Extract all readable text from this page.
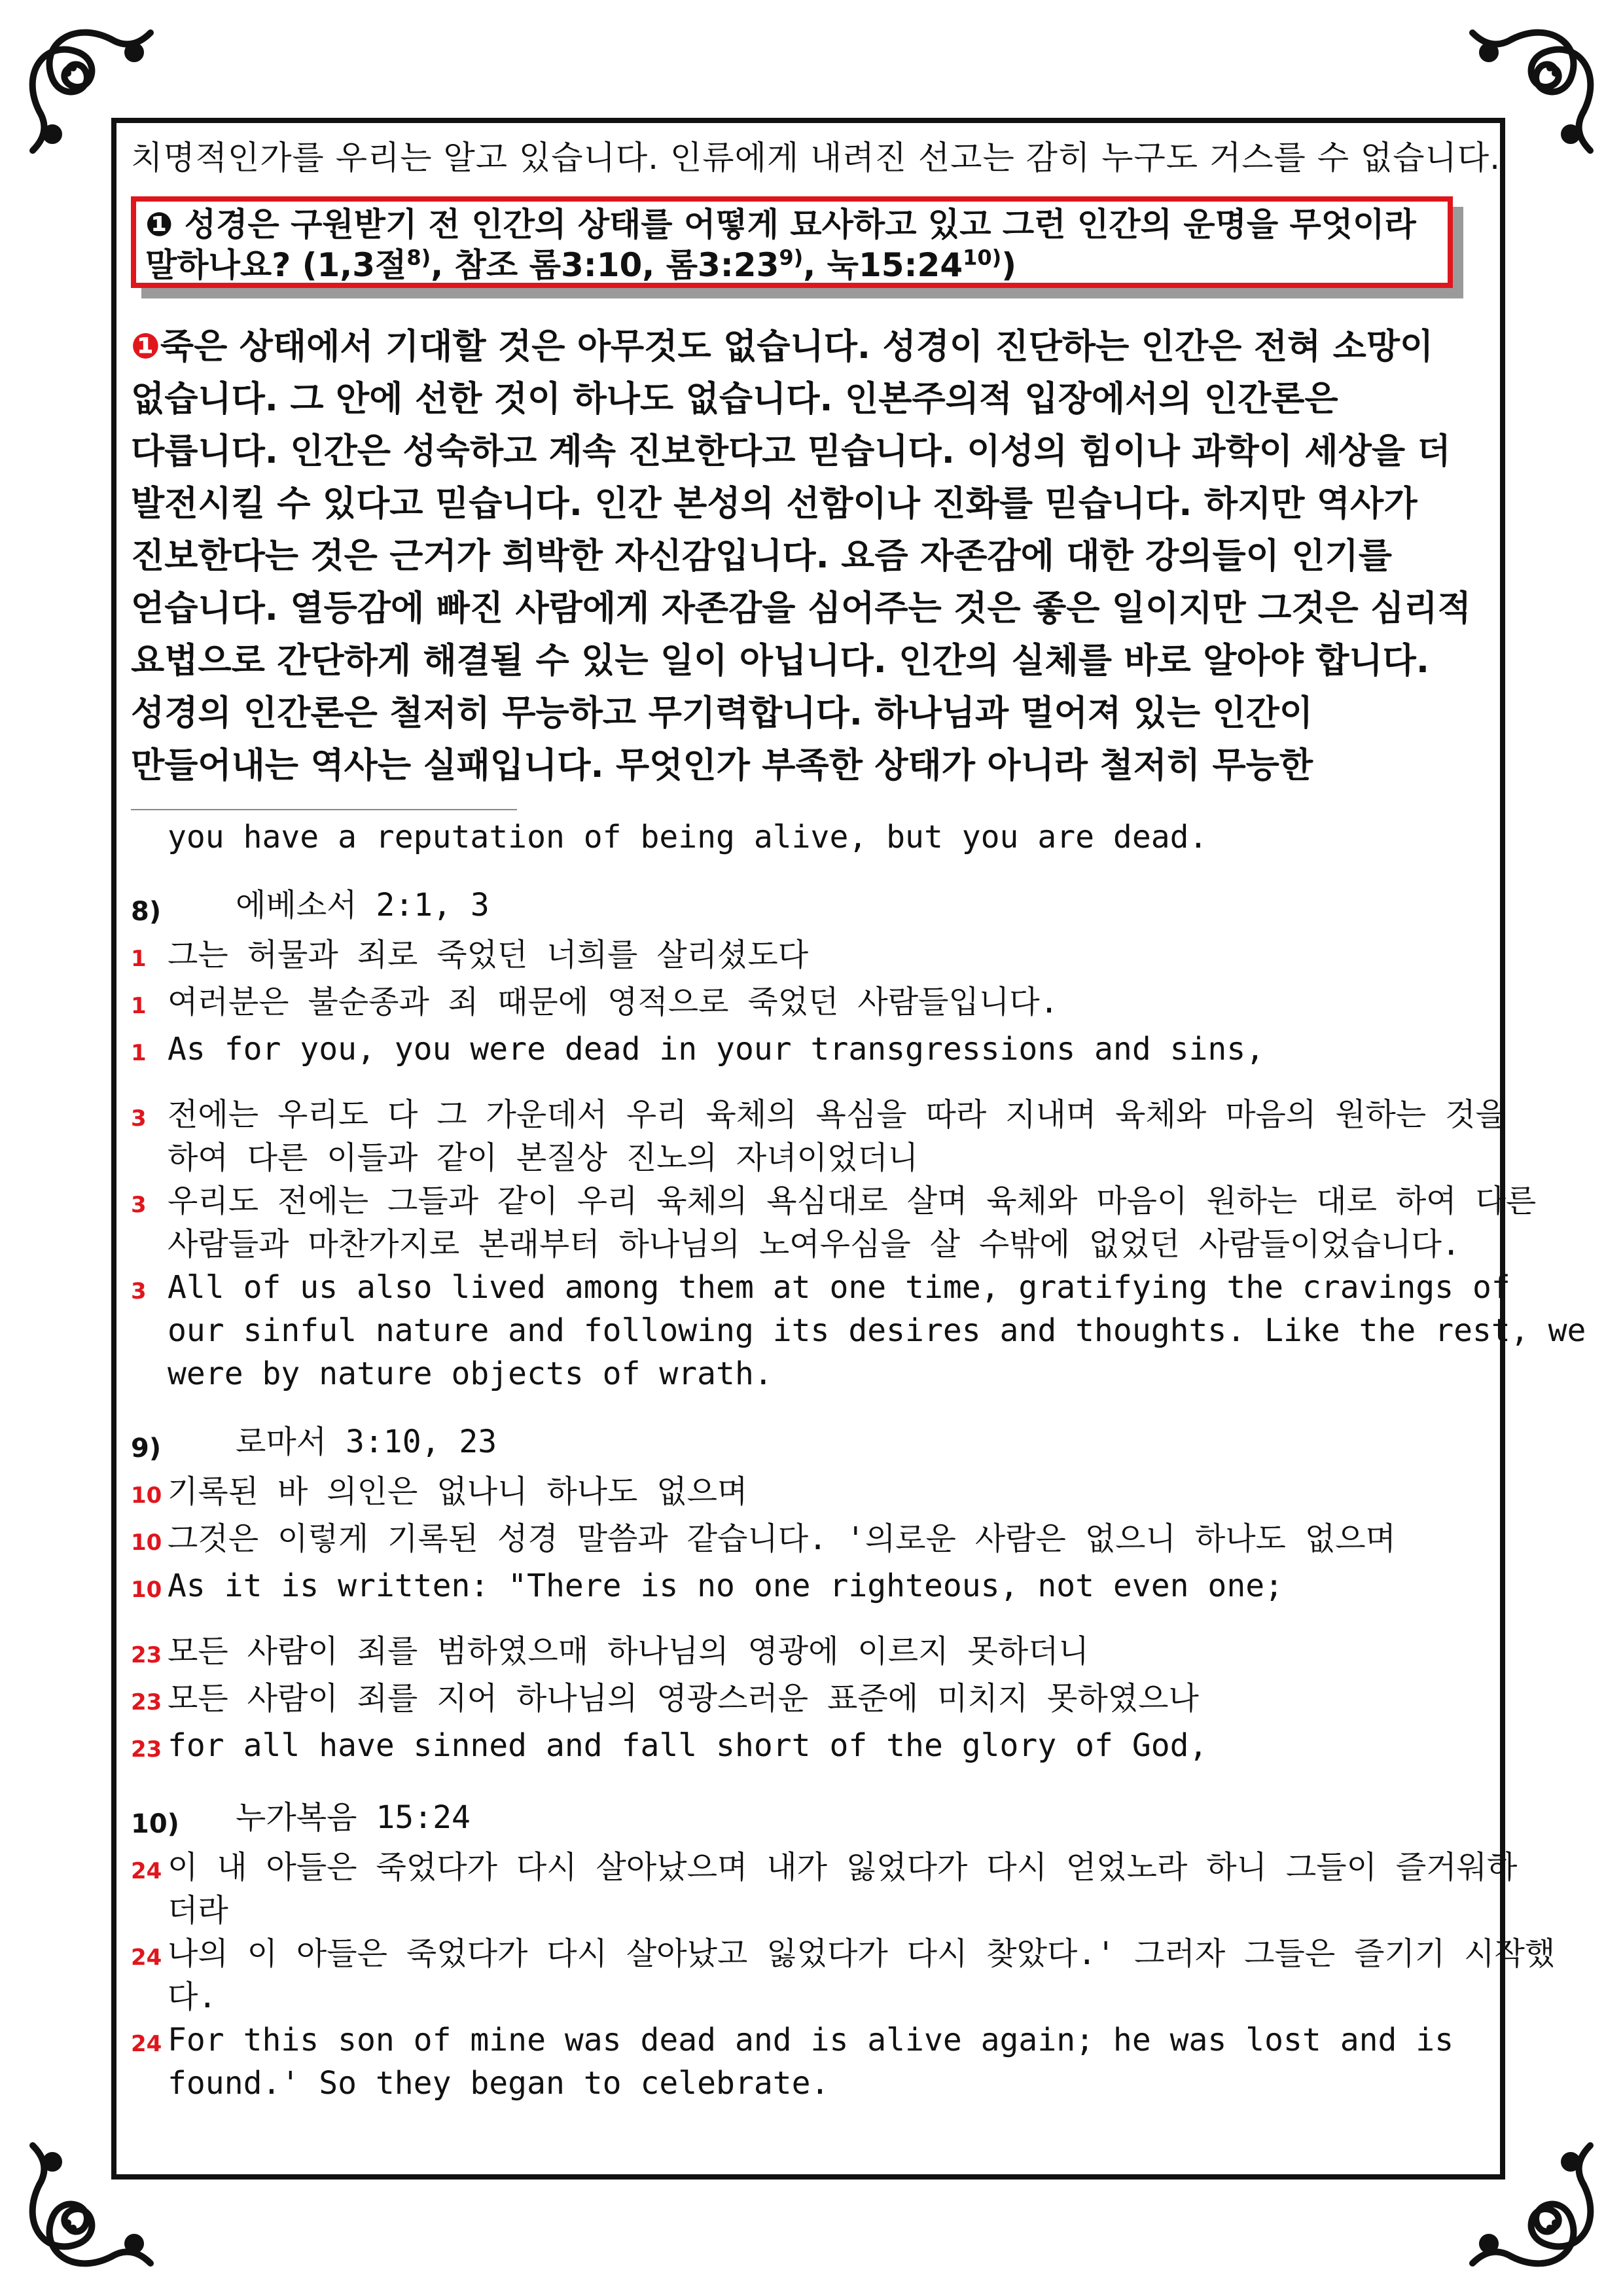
치명적인가를 우리는 알고 있습니다. 인류에게 내려진 선고는 감히 누구도 거스를 수 없습니다.

❶ 성경은 구원받기 전 인간의 상태를 어떻게 묘사하고 있고 그런 인간의 운명을 무엇이라
말하나요? (1,3절$^{8)}$, 참조 롬3:10, 롬3:23$^{9)}$, 눅15:24$^{10)}$)
❶죽은 상태에서 기대할 것은 아무것도 없습니다. 성경이 진단하는 인간은 전혀 소망이
없습니다. 그 안에 선한 것이 하나도 없습니다. 인본주의적 입장에서의 인간론은
다릅니다. 인간은 성숙하고 계속 진보한다고 믿습니다. 이성의 힘이나 과학이 세상을 더
발전시킬 수 있다고 믿습니다. 인간 본성의 선함이나 진화를 믿습니다. 하지만 역사가
진보한다는 것은 근거가 희박한 자신감입니다. 요즘 자존감에 대한 강의들이 인기를
얻습니다. 열등감에 빠진 사람에게 자존감을 심어주는 것은 좋은 일이지만 그것은 심리적
요법으로 간단하게 해결될 수 있는 일이 아닙니다. 인간의 실체를 바로 알아야 합니다.
성경의 인간론은 철저히 무능하고 무기력합니다. 하나님과 멀어져 있는 인간이
만들어내는 역사는 실패입니다. 무엇인가 부족한 상태가 아니라 철저히 무능한
you have a reputation of being alive, but you are dead.
8)	에베소서 2:1, 3
1 그는 허물과 죄로 죽었던 너희를 살리셨도다
1 여러분은 불순종과 죄 때문에 영적으로 죽었던 사람들입니다.
1 As for you, you were dead in your transgressions and sins,
3 전에는 우리도 다 그 가운데서 우리 육체의 욕심을 따라 지내며 육체와 마음의 원하는 것을
하여 다른 이들과 같이 본질상 진노의 자녀이었더니
3 우리도 전에는 그들과 같이 우리 육체의 욕심대로 살며 육체와 마음이 원하는 대로 하여 다른
사람들과 마찬가지로 본래부터 하나님의 노여우심을 살 수밖에 없었던 사람들이었습니다.
3 All of us also lived among them at one time, gratifying the cravings of
our sinful nature and following its desires and thoughts. Like the rest, we
were by nature objects of wrath.
9)	로마서 3:10, 23
10 기록된 바 의인은 없나니 하나도 없으며
10 그것은 이렇게 기록된 성경 말씀과 같습니다. '의로운 사람은 없으니 하나도 없으며
10 As it is written: "There is no one righteous, not even one;
23 모든 사람이 죄를 범하였으매 하나님의 영광에 이르지 못하더니
23 모든 사람이 죄를 지어 하나님의 영광스러운 표준에 미치지 못하였으나
23 for all have sinned and fall short of the glory of God,
10)	누가복음 15:24
24 이 내 아들은 죽었다가 다시 살아났으며 내가 잃었다가 다시 얻었노라 하니 그들이 즐거워하
더라
24 나의 이 아들은 죽었다가 다시 살아났고 잃었다가 다시 찾았다.' 그러자 그들은 즐기기 시작했
다.
24 For this son of mine was dead and is alive again; he was lost and is
found.' So they began to celebrate.
